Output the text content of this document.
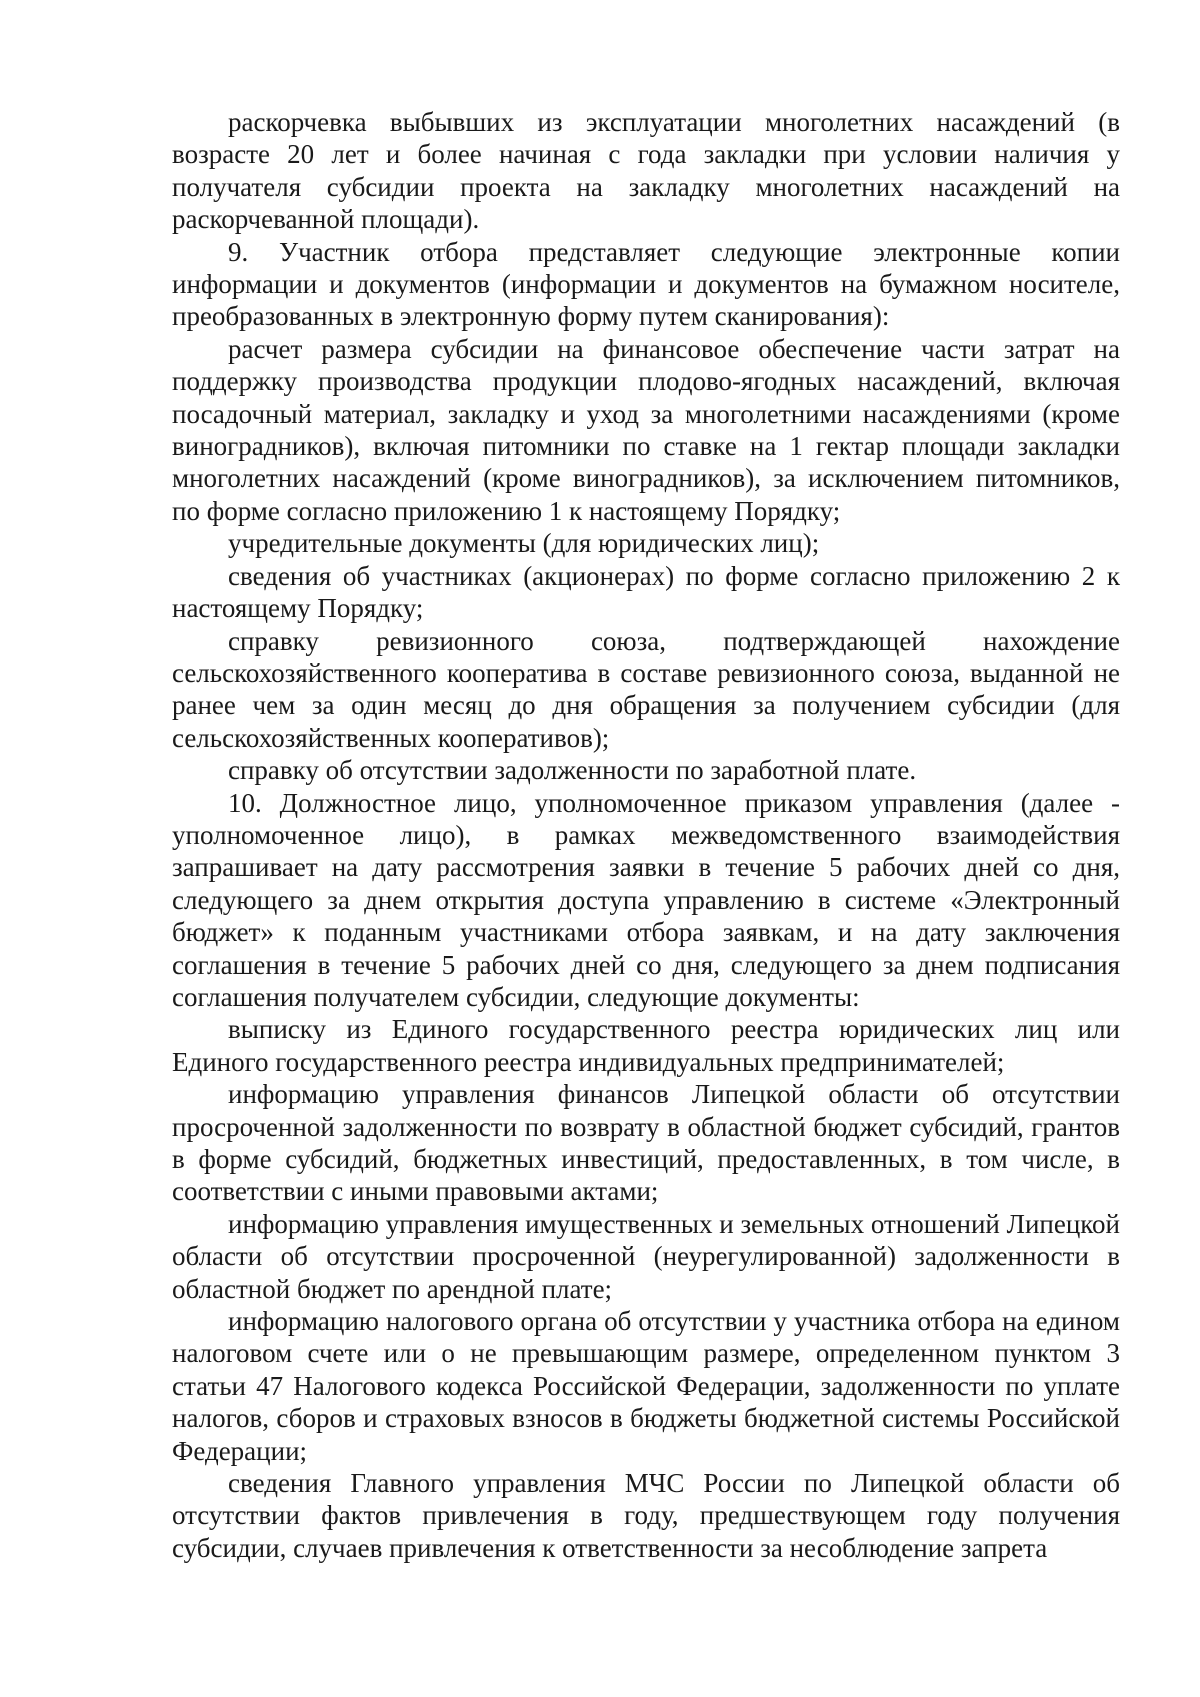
раскорчевка выбывших из эксплуатации многолетних насаждений (в возрасте 20 лет и более начиная с года закладки при условии наличия у получателя субсидии проекта на закладку многолетних насаждений на раскорчеванной площади).

9. Участник отбора представляет следующие электронные копии информации и документов (информации и документов на бумажном носителе, преобразованных в электронную форму путем сканирования):

расчет размера субсидии на финансовое обеспечение части затрат на поддержку производства продукции плодово-ягодных насаждений, включая посадочный материал, закладку и уход за многолетними насаждениями (кроме виноградников), включая питомники по ставке на 1 гектар площади закладки многолетних насаждений (кроме виноградников), за исключением питомников, по форме согласно приложению 1 к настоящему Порядку;

учредительные документы (для юридических лиц);

сведения об участниках (акционерах) по форме согласно приложению 2 к настоящему Порядку;

справку ревизионного союза, подтверждающей нахождение сельскохозяйственного кооператива в составе ревизионного союза, выданной не ранее чем за один месяц до дня обращения за получением субсидии (для сельскохозяйственных кооперативов);

справку об отсутствии задолженности по заработной плате.

10. Должностное лицо, уполномоченное приказом управления (далее - уполномоченное лицо), в рамках межведомственного взаимодействия запрашивает на дату рассмотрения заявки в течение 5 рабочих дней со дня, следующего за днем открытия доступа управлению в системе «Электронный бюджет» к поданным участниками отбора заявкам, и на дату заключения соглашения в течение 5 рабочих дней со дня, следующего за днем подписания соглашения получателем субсидии, следующие документы:

выписку из Единого государственного реестра юридических лиц или Единого государственного реестра индивидуальных предпринимателей;

информацию управления финансов Липецкой области об отсутствии просроченной задолженности по возврату в областной бюджет субсидий, грантов в форме субсидий, бюджетных инвестиций, предоставленных, в том числе, в соответствии с иными правовыми актами;

информацию управления имущественных и земельных отношений Липецкой области об отсутствии просроченной (неурегулированной) задолженности в областной бюджет по арендной плате;

информацию налогового органа об отсутствии у участника отбора на едином налоговом счете или о не превышающим размере, определенном пунктом 3 статьи 47 Налогового кодекса Российской Федерации, задолженности по уплате налогов, сборов и страховых взносов в бюджеты бюджетной системы Российской Федерации;

сведения Главного управления МЧС России по Липецкой области об отсутствии фактов привлечения в году, предшествующем году получения субсидии, случаев привлечения к ответственности за несоблюдение запрета
